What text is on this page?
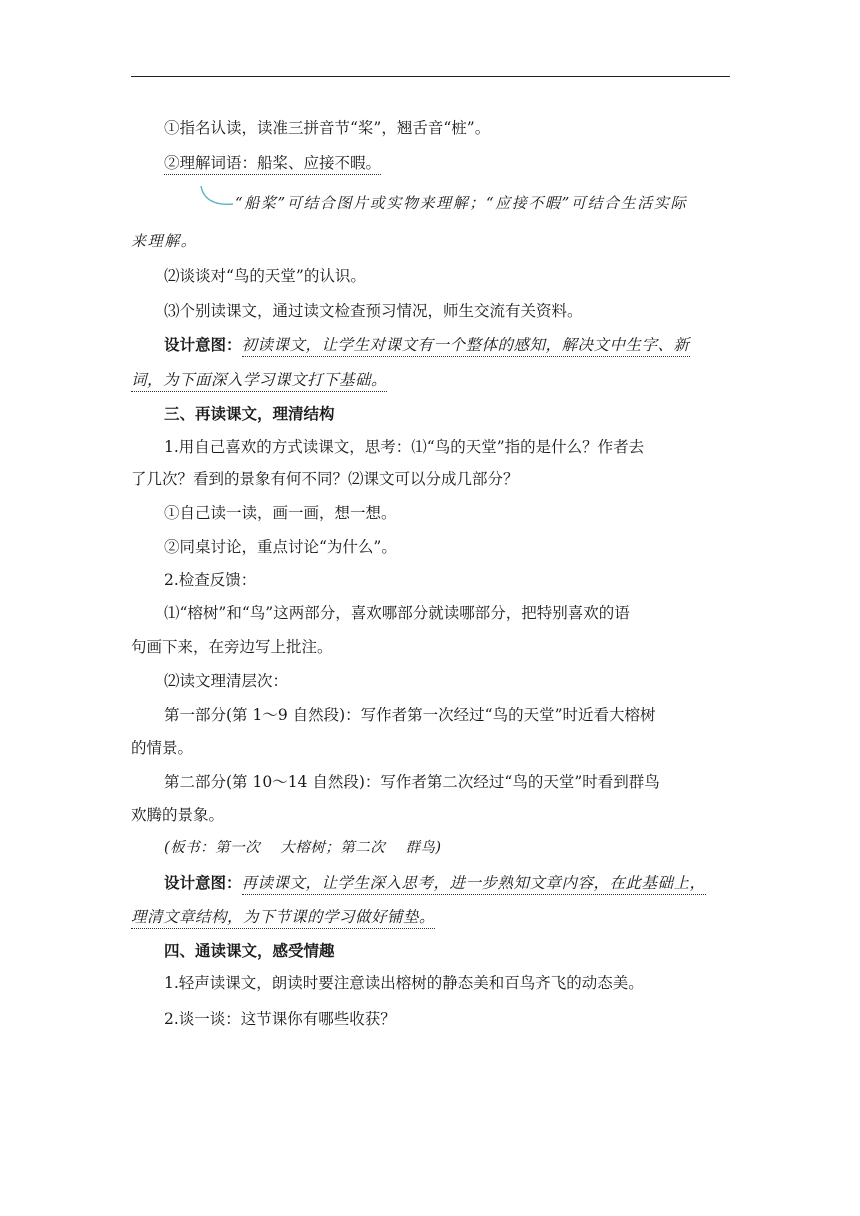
①指名认读，读准三拼音节“桨”，翘舌音“桩”。
②理解词语：船桨、应接不暇。
“船桨”可结合图片或实物来理解；“应接不暇”可结合生活实际
来理解。
⑵谈谈对“鸟的天堂”的认识。
⑶个别读课文，通过读文检查预习情况，师生交流有关资料。
设计意图：初读课文，让学生对课文有一个整体的感知，解决文中生字、新
词，为下面深入学习课文打下基础。
三、再读课文，理清结构
1.用自己喜欢的方式读课文，思考：⑴“鸟的天堂”指的是什么？作者去
了几次？看到的景象有何不同？⑵课文可以分成几部分？
①自己读一读，画一画，想一想。
②同桌讨论，重点讨论“为什么”。
2.检查反馈：
⑴“榕树”和“鸟”这两部分，喜欢哪部分就读哪部分，把特别喜欢的语
句画下来，在旁边写上批注。
⑵读文理清层次：
第一部分(第 1～9 自然段)：写作者第一次经过“鸟的天堂”时近看大榕树
的情景。
第二部分(第 10～14 自然段)：写作者第二次经过“鸟的天堂”时看到群鸟
欢腾的景象。
(板书：第一次　 大榕树；第二次　 群鸟)
设计意图：再读课文，让学生深入思考，进一步熟知文章内容，在此基础上，
理清文章结构，为下节课的学习做好铺垫。
四、通读课文，感受情趣
1.轻声读课文，朗读时要注意读出榕树的静态美和百鸟齐飞的动态美。
2.谈一谈：这节课你有哪些收获？
